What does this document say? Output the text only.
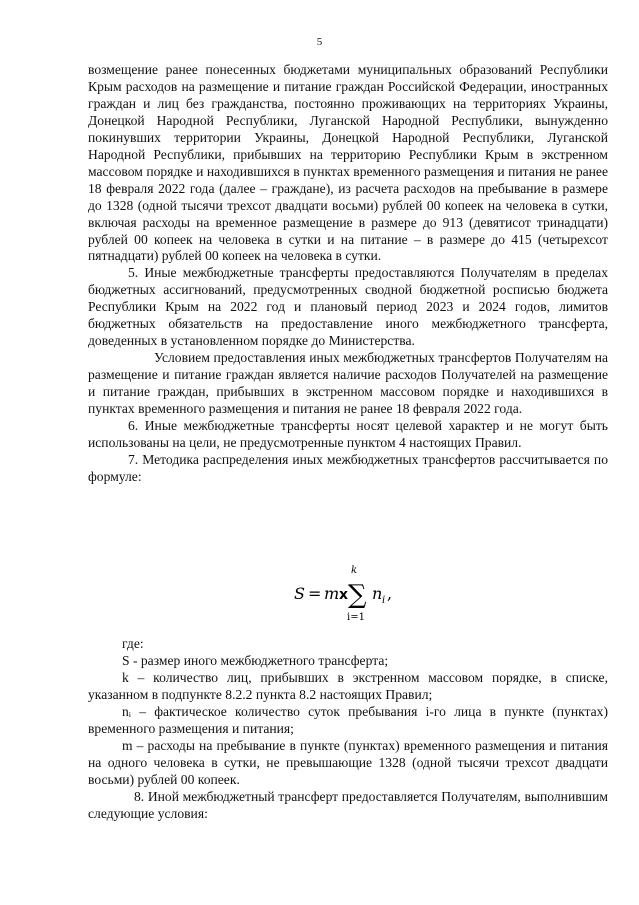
5

возмещение ранее понесенных бюджетами муниципальных образований Республики Крым расходов на размещение и питание граждан Российской Федерации, иностранных граждан и лиц без гражданства, постоянно проживающих на территориях Украины, Донецкой Народной Республики, Луганской Народной Республики, вынужденно покинувших территории Украины, Донецкой Народной Республики, Луганской Народной Республики, прибывших на территорию Республики Крым в экстренном массовом порядке и находившихся в пунктах временного размещения и питания не ранее 18 февраля 2022 года (далее – граждане), из расчета расходов на пребывание в размере до 1328 (одной тысячи трехсот двадцати восьми) рублей 00 копеек на человека в сутки, включая расходы на временное размещение в размере до 913 (девятисот тринадцати) рублей 00 копеек на человека в сутки и на питание – в размере до 415 (четырехсот пятнадцати) рублей 00 копеек на человека в сутки.

5. Иные межбюджетные трансферты предоставляются Получателям в пределах бюджетных ассигнований, предусмотренных сводной бюджетной росписью бюджета Республики Крым на 2022 год и плановый период 2023 и 2024 годов, лимитов бюджетных обязательств на предоставление иного межбюджетного трансферта, доведенных в установленном порядке до Министерства.

Условием предоставления иных межбюджетных трансфертов Получателям на размещение и питание граждан является наличие расходов Получателей на размещение и питание граждан, прибывших в экстренном массовом порядке и находившихся в пунктах временного размещения и питания не ранее 18 февраля 2022 года.

6. Иные межбюджетные трансферты носят целевой характер и не могут быть использованы на цели, не предусмотренные пунктом 4 настоящих Правил.

7. Методика распределения иных межбюджетных трансфертов рассчитывается по формуле:

S = m x
k
∑
i=1
n i ,

где:

S - размер иного межбюджетного трансферта;

k – количество лиц, прибывших в экстренном массовом порядке, в списке, указанном в подпункте 8.2.2 пункта 8.2 настоящих Правил;

nᵢ – фактическое количество суток пребывания i-го лица в пункте (пунктах) временного размещения и питания;

m – расходы на пребывание в пункте (пунктах) временного размещения и питания на одного человека в сутки, не превышающие 1328 (одной тысячи трехсот двадцати восьми) рублей 00 копеек.

8. Иной межбюджетный трансферт предоставляется Получателям, выполнившим следующие условия:
